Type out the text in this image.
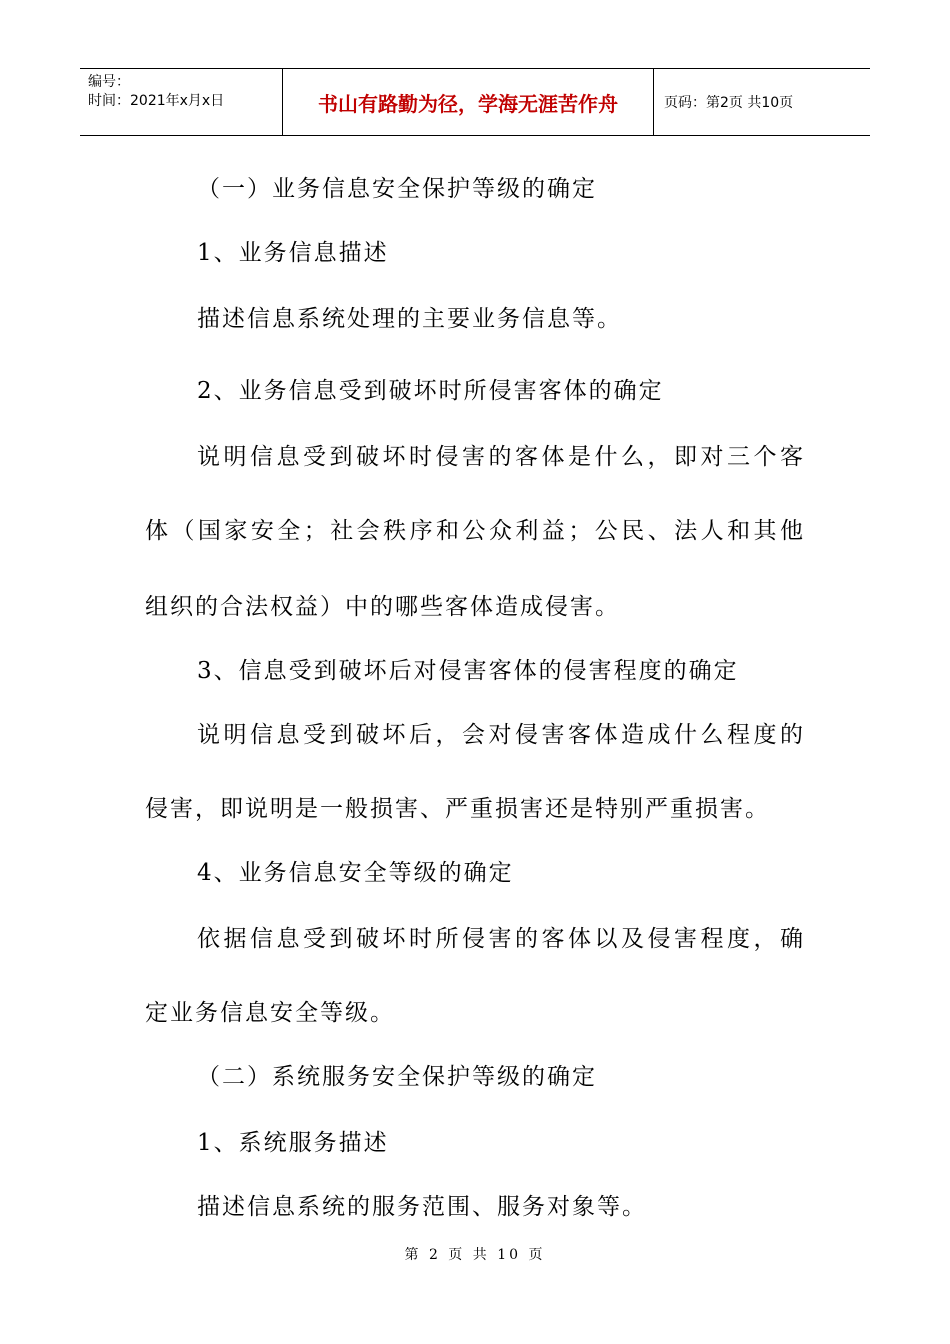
编号：
时间：2021年x月x日	书山有路勤为径，学海无涯苦作舟	页码：第2页 共10页
（一）业务信息安全保护等级的确定
1、业务信息描述
描述信息系统处理的主要业务信息等。
2、业务信息受到破坏时所侵害客体的确定
说明信息受到破坏时侵害的客体是什么，即对三个客
体（国家安全；社会秩序和公众利益；公民、法人和其他
组织的合法权益）中的哪些客体造成侵害。
3、信息受到破坏后对侵害客体的侵害程度的确定
说明信息受到破坏后，会对侵害客体造成什么程度的
侵害，即说明是一般损害、严重损害还是特别严重损害。
4、业务信息安全等级的确定
依据信息受到破坏时所侵害的客体以及侵害程度，确
定业务信息安全等级。
（二）系统服务安全保护等级的确定
1、系统服务描述
描述信息系统的服务范围、服务对象等。
第 2 页 共 10 页
